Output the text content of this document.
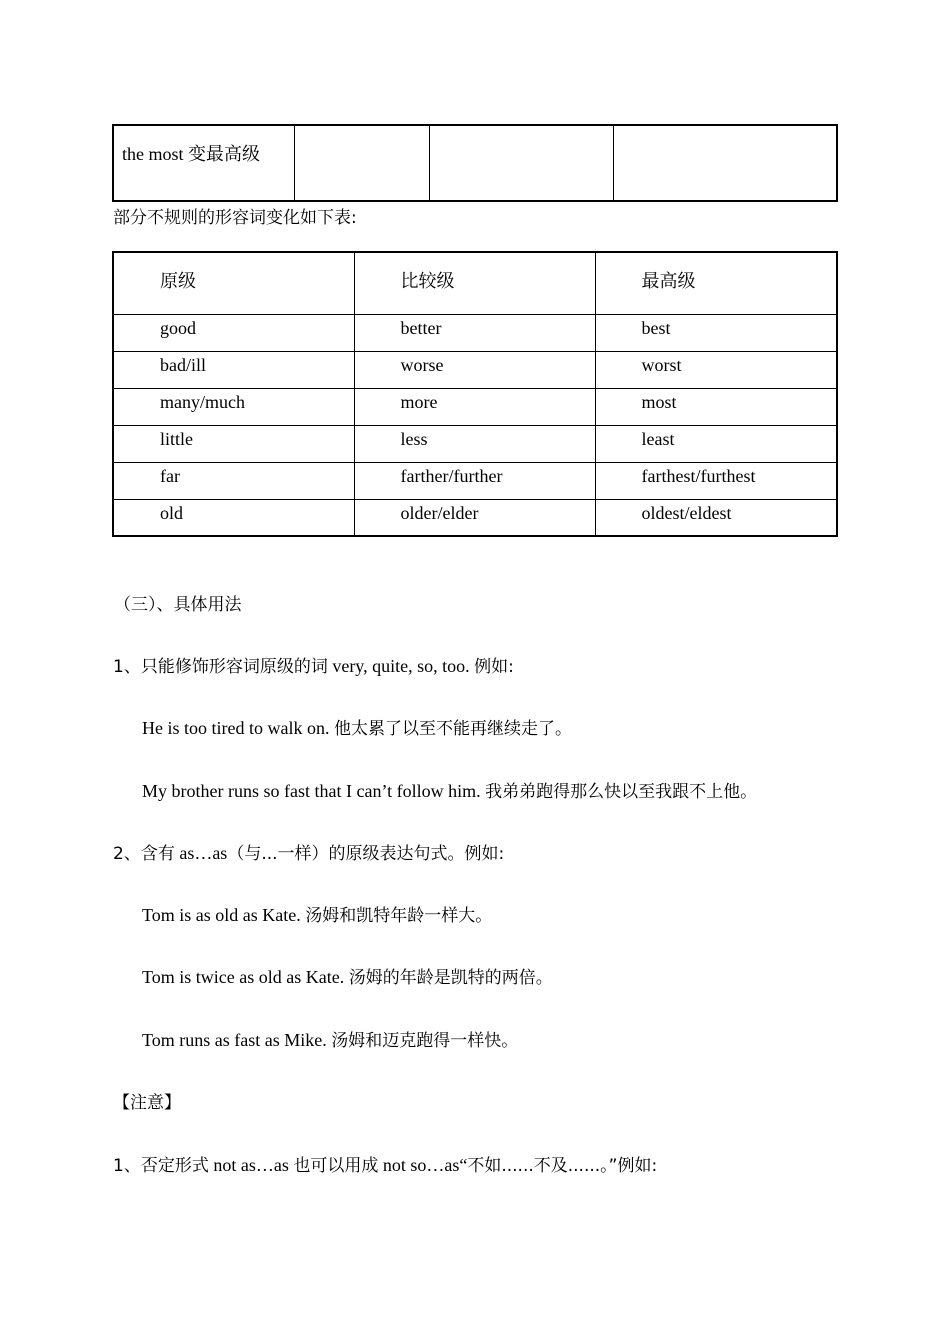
the most 变最高级			
部分不规则的形容词变化如下表:
原级	比较级	最高级
good	better	best
bad/ill	worse	worst
many/much	more	most
little	less	least
far	farther/further	farthest/furthest
old	older/elder	oldest/eldest
（三）、具体用法
1、只能修饰形容词原级的词 very, quite, so, too. 例如:
He is too tired to walk on. 他太累了以至不能再继续走了。
My brother runs so fast that I can’t follow him. 我弟弟跑得那么快以至我跟不上他。
2、含有 as…as（与...一样）的原级表达句式。例如:
Tom is as old as Kate. 汤姆和凯特年龄一样大。
Tom is twice as old as Kate. 汤姆的年龄是凯特的两倍。
Tom runs as fast as Mike. 汤姆和迈克跑得一样快。
【注意】
1、否定形式 not as…as 也可以用成 not so…as“不如......不及......。”例如:
